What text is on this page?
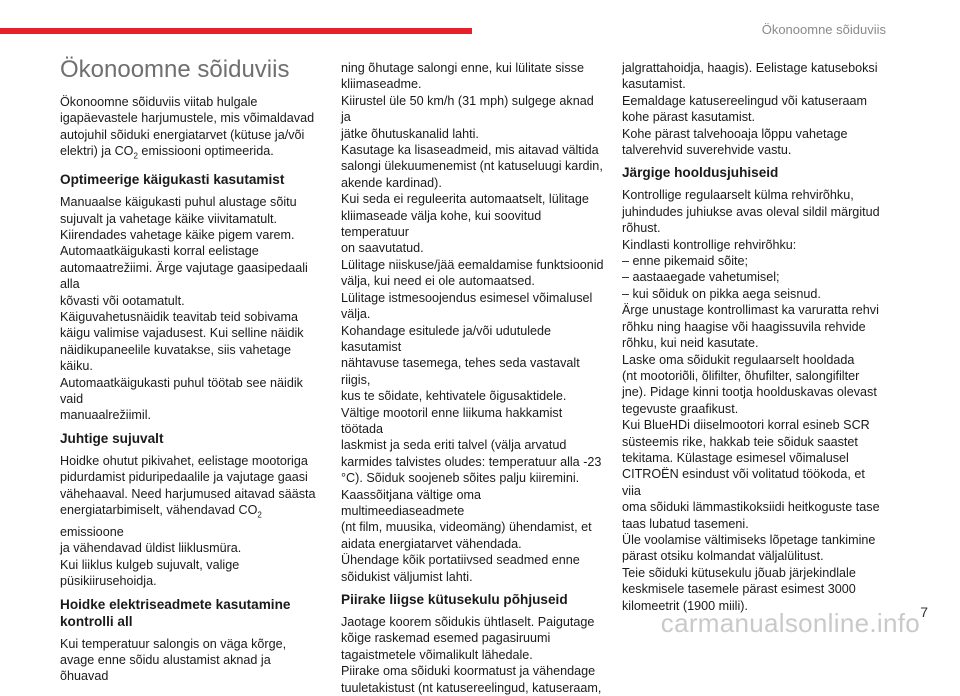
Ökonoomne sõiduviis
Ökonoomne sõiduviis

Ökonoomne sõiduviis viitab hulgale
igapäevastele harjumustele, mis võimaldavad
autojuhil sõiduki energiatarvet (kütuse ja/või
elektri) ja $CO_2$ emissiooni optimeerida.

Optimeerige käigukasti kasutamist

Manuaalse käigukasti puhul alustage sõitu
sujuvalt ja vahetage käike viivitamatult.
Kiirendades vahetage käike pigem varem.
Automaatkäigukasti korral eelistage
automaatrežiimi. Ärge vajutage gaasipedaali alla
kõvasti või ootamatult.
Käiguvahetusnäidik teavitab teid sobivama
käigu valimise vajadusest. Kui selline näidik
näidikupaneelile kuvatakse, siis vahetage käiku.
Automaatkäigukasti puhul töötab see näidik vaid
manuaalrežiimil.

Juhtige sujuvalt

Hoidke ohutut pikivahet, eelistage mootoriga
pidurdamist piduripedaalile ja vajutage gaasi
vähehaaval. Need harjumused aitavad säästa
energiatarbimiselt, vähendavad $CO_2$ emissioone
ja vähendavad üldist liiklusmüra.
Kui liiklus kulgeb sujuvalt, valige
püsikiirusehoidja.

Hoidke elektriseadmete kasutamine
kontrolli all

Kui temperatuur salongis on väga kõrge,
avage enne sõidu alustamist aknad ja õhuavad

ning õhutage salongi enne, kui lülitate sisse
kliimaseadme.
Kiirustel üle 50 km/h (31 mph) sulgege aknad ja
jätke õhutuskanalid lahti.
Kasutage ka lisaseadmeid, mis aitavad vältida
salongi ülekuumenemist (nt katuseluugi kardin,
akende kardinad).
Kui seda ei reguleerita automaatselt, lülitage
kliimaseade välja kohe, kui soovitud temperatuur
on saavutatud.
Lülitage niiskuse/jää eemaldamise funktsioonid
välja, kui need ei ole automaatsed.
Lülitage istmesoojendus esimesel võimalusel
välja.
Kohandage esitulede ja/või udutulede kasutamist
nähtavuse tasemega, tehes seda vastavalt riigis,
kus te sõidate, kehtivatele õigusaktidele.
Vältige mootoril enne liikuma hakkamist töötada
laskmist ja seda eriti talvel (välja arvatud
karmides talvistes oludes: temperatuur alla -23
°C). Sõiduk soojeneb sõites palju kiiremini.
Kaassõitjana vältige oma multimeediaseadmete
(nt film, muusika, videomäng) ühendamist, et
aidata energiatarvet vähendada.
Ühendage kõik portatiivsed seadmed enne
sõidukist väljumist lahti.

Piirake liigse kütusekulu põhjuseid

Jaotage koorem sõidukis ühtlaselt. Paigutage
kõige raskemad esemed pagasiruumi
tagaistmetele võimalikult lähedale.
Piirake oma sõiduki koormatust ja vähendage
tuuletakistust (nt katusereelingud, katuseraam,

jalgrattahoidja, haagis). Eelistage katuseboksi
kasutamist.
Eemaldage katusereelingud või katuseraam
kohe pärast kasutamist.
Kohe pärast talvehooaja lõppu vahetage
talverehvid suverehvide vastu.

Järgige hooldusjuhiseid

Kontrollige regulaarselt külma rehvirõhku,
juhindudes juhiukse avas oleval sildil märgitud
rõhust.
Kindlasti kontrollige rehvirõhku:
– enne pikemaid sõite;
– aastaaegade vahetumisel;
– kui sõiduk on pikka aega seisnud.
Ärge unustage kontrollimast ka varuratta rehvi
rõhku ning haagise või haagissuvila rehvide
rõhku, kui neid kasutate.
Laske oma sõidukit regulaarselt hooldada
(nt mootoriõli, õlifilter, õhufilter, salongifilter
jne). Pidage kinni tootja hoolduskavas olevast
tegevuste graafikust.
Kui BlueHDi diiselmootori korral esineb SCR
süsteemis rike, hakkab teie sõiduk saastet
tekitama. Külastage esimesel võimalusel
CITROËN esindust või volitatud töökoda, et viia
oma sõiduki lämmastikoksiidi heitkoguste tase
taas lubatud tasemeni.
Üle voolamise vältimiseks lõpetage tankimine
pärast otsiku kolmandat väljalülitust.
Teie sõiduki kütusekulu jõuab järjekindlale
keskmisele tasemele pärast esimest 3000
kilomeetrit (1900 miili).

carmanualsonline.info 7
